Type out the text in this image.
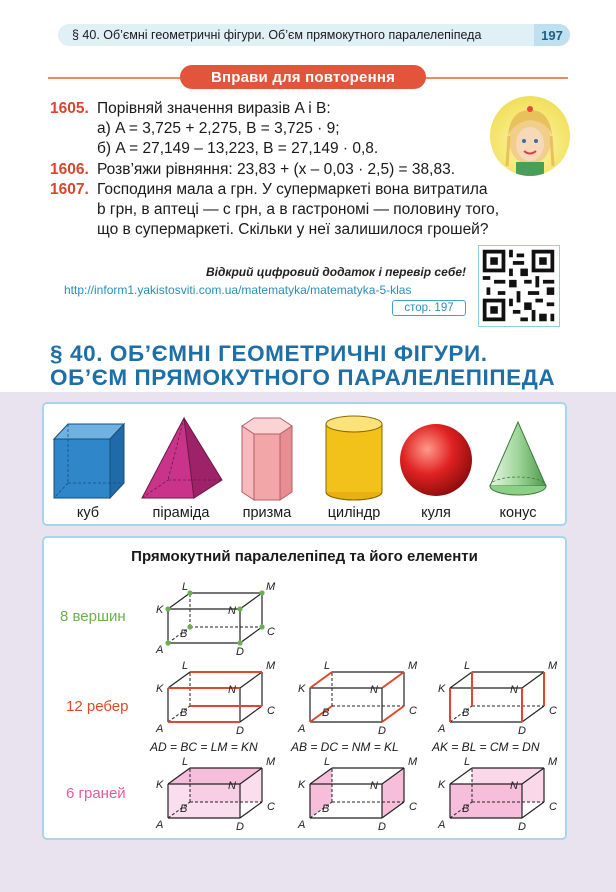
§ 40. Об’ємні геометричні фігури. Об’єм прямокутного паралелепіпеда	197
Вправи для повторення
1605. Порівняй значення виразів A і B:
а) A = 3,725 + 2,275, B = 3,725 · 9;
б) A = 27,149 – 13,223, B = 27,149 · 0,8.
1606. Розв’яжи рівняння: 23,83 + (x – 0,03 · 2,5) = 38,83.
1607. Господиня мала a грн. У супермаркеті вона витратила
b грн, в аптеці — c грн, а в гастрономі — половину того,
що в супермаркеті. Скільки у неї залишилося грошей?
Відкрий цифровий додаток і перевір себе!
http://inform1.yakistosviti.com.ua/matematyka/matematyka-5-klas
стор. 197
§ 40. ОБ’ЄМНІ ГЕОМЕТРИЧНІ ФІГУРИ.
ОБ’ЄМ ПРЯМОКУТНОГО ПАРАЛЕЛЕПІПЕДА
куб	піраміда	призма	циліндр	куля	конус
Прямокутний паралелепіпед та його елементи
8 вершин
12 ребер
6 граней
AD = BC = LM = KN	AB = DC = NM = KL	AK = BL = CM = DN
L	M
K	N
B	C
A	D
L	M
K	N
B	C
A	D
L	M
K	N
B	C
A	D
L	M
K	N
B	C
A	D
L	M
K	N
B	C
A	D
L	M
K	N
B	C
A	D
L	M
K	N
B	C
A	D
